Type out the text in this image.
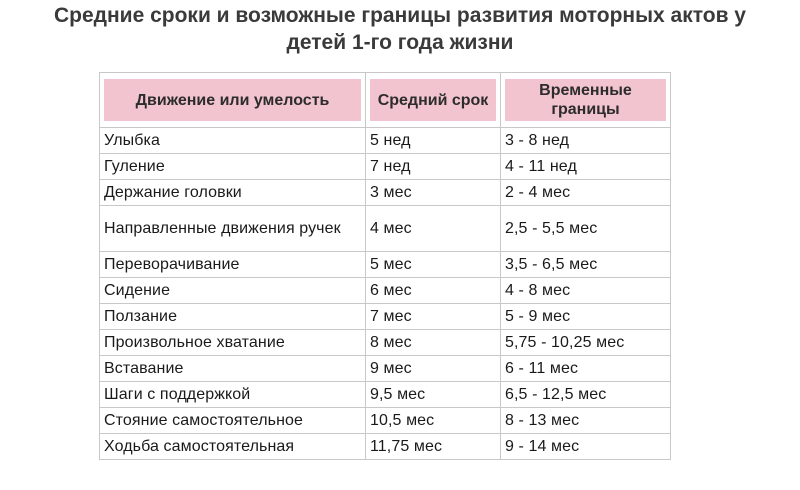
Средние сроки и возможные границы развития моторных актов у
детей 1-го года жизни
Движение или умелость	Средний срок	Временные границы

Улыбка	5 нед	3 - 8 нед
Гуление	7 нед	4 - 11 нед
Держание головки	3 мес	2 - 4 мес
Направленные движения ручек	4 мес	2,5 - 5,5 мес
Переворачивание	5 мес	3,5 - 6,5 мес
Сидение	6 мес	4 - 8 мес
Ползание	7 мес	5 - 9 мес
Произвольное хватание	8 мес	5,75 - 10,25 мес
Вставание	9 мес	6 - 11 мес
Шаги с поддержкой	9,5 мес	6,5 - 12,5 мес
Стояние самостоятельное	10,5 мес	8 - 13 мес
Ходьба самостоятельная	11,75 мес	9 - 14 мес
